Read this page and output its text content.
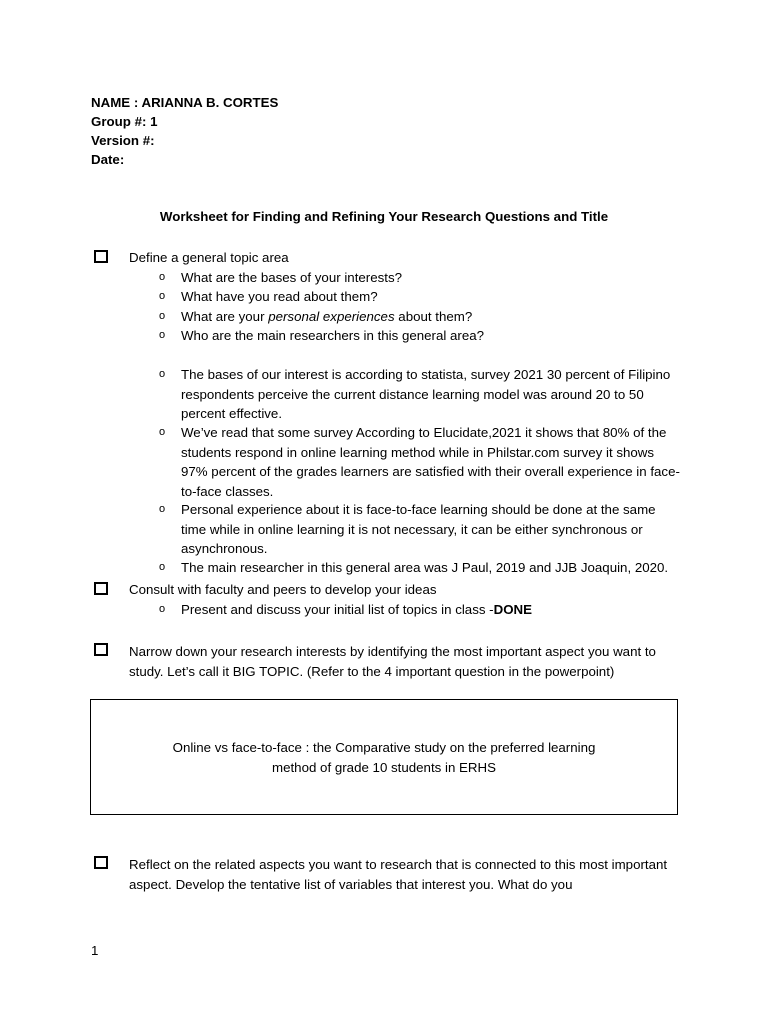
NAME : ARIANNA B. CORTES
Group #: 1
Version #:
Date:
Worksheet for Finding and Refining Your Research Questions and Title
Define a general topic area
o What are the bases of your interests?
o What have you read about them?
o What are your personal experiences about them?
o Who are the main researchers in this general area?
o The bases of our interest is according to statista, survey 2021 30 percent of Filipino respondents perceive the current distance learning model was around 20 to 50 percent effective.
o We’ve read that some survey According to Elucidate,2021 it shows that 80% of the students respond in online learning method while in Philstar.com survey it shows 97% percent of the grades learners are satisfied with their overall experience in face-to-face classes.
o Personal experience about it is face-to-face learning should be done at the same time while in online learning it is not necessary, it can be either synchronous or asynchronous.
o The main researcher in this general area was J Paul, 2019 and JJB Joaquin, 2020.
Consult with faculty and peers to develop your ideas
o Present and discuss your initial list of topics in class -DONE
Narrow down your research interests by identifying the most important aspect you want to study. Let’s call it BIG TOPIC. (Refer to the 4 important question in the powerpoint)
Online vs face-to-face : the Comparative study on the preferred learning
method of grade 10 students in ERHS
Reflect on the related aspects you want to research that is connected to this most important aspect. Develop the tentative list of variables that interest you. What do you
1
